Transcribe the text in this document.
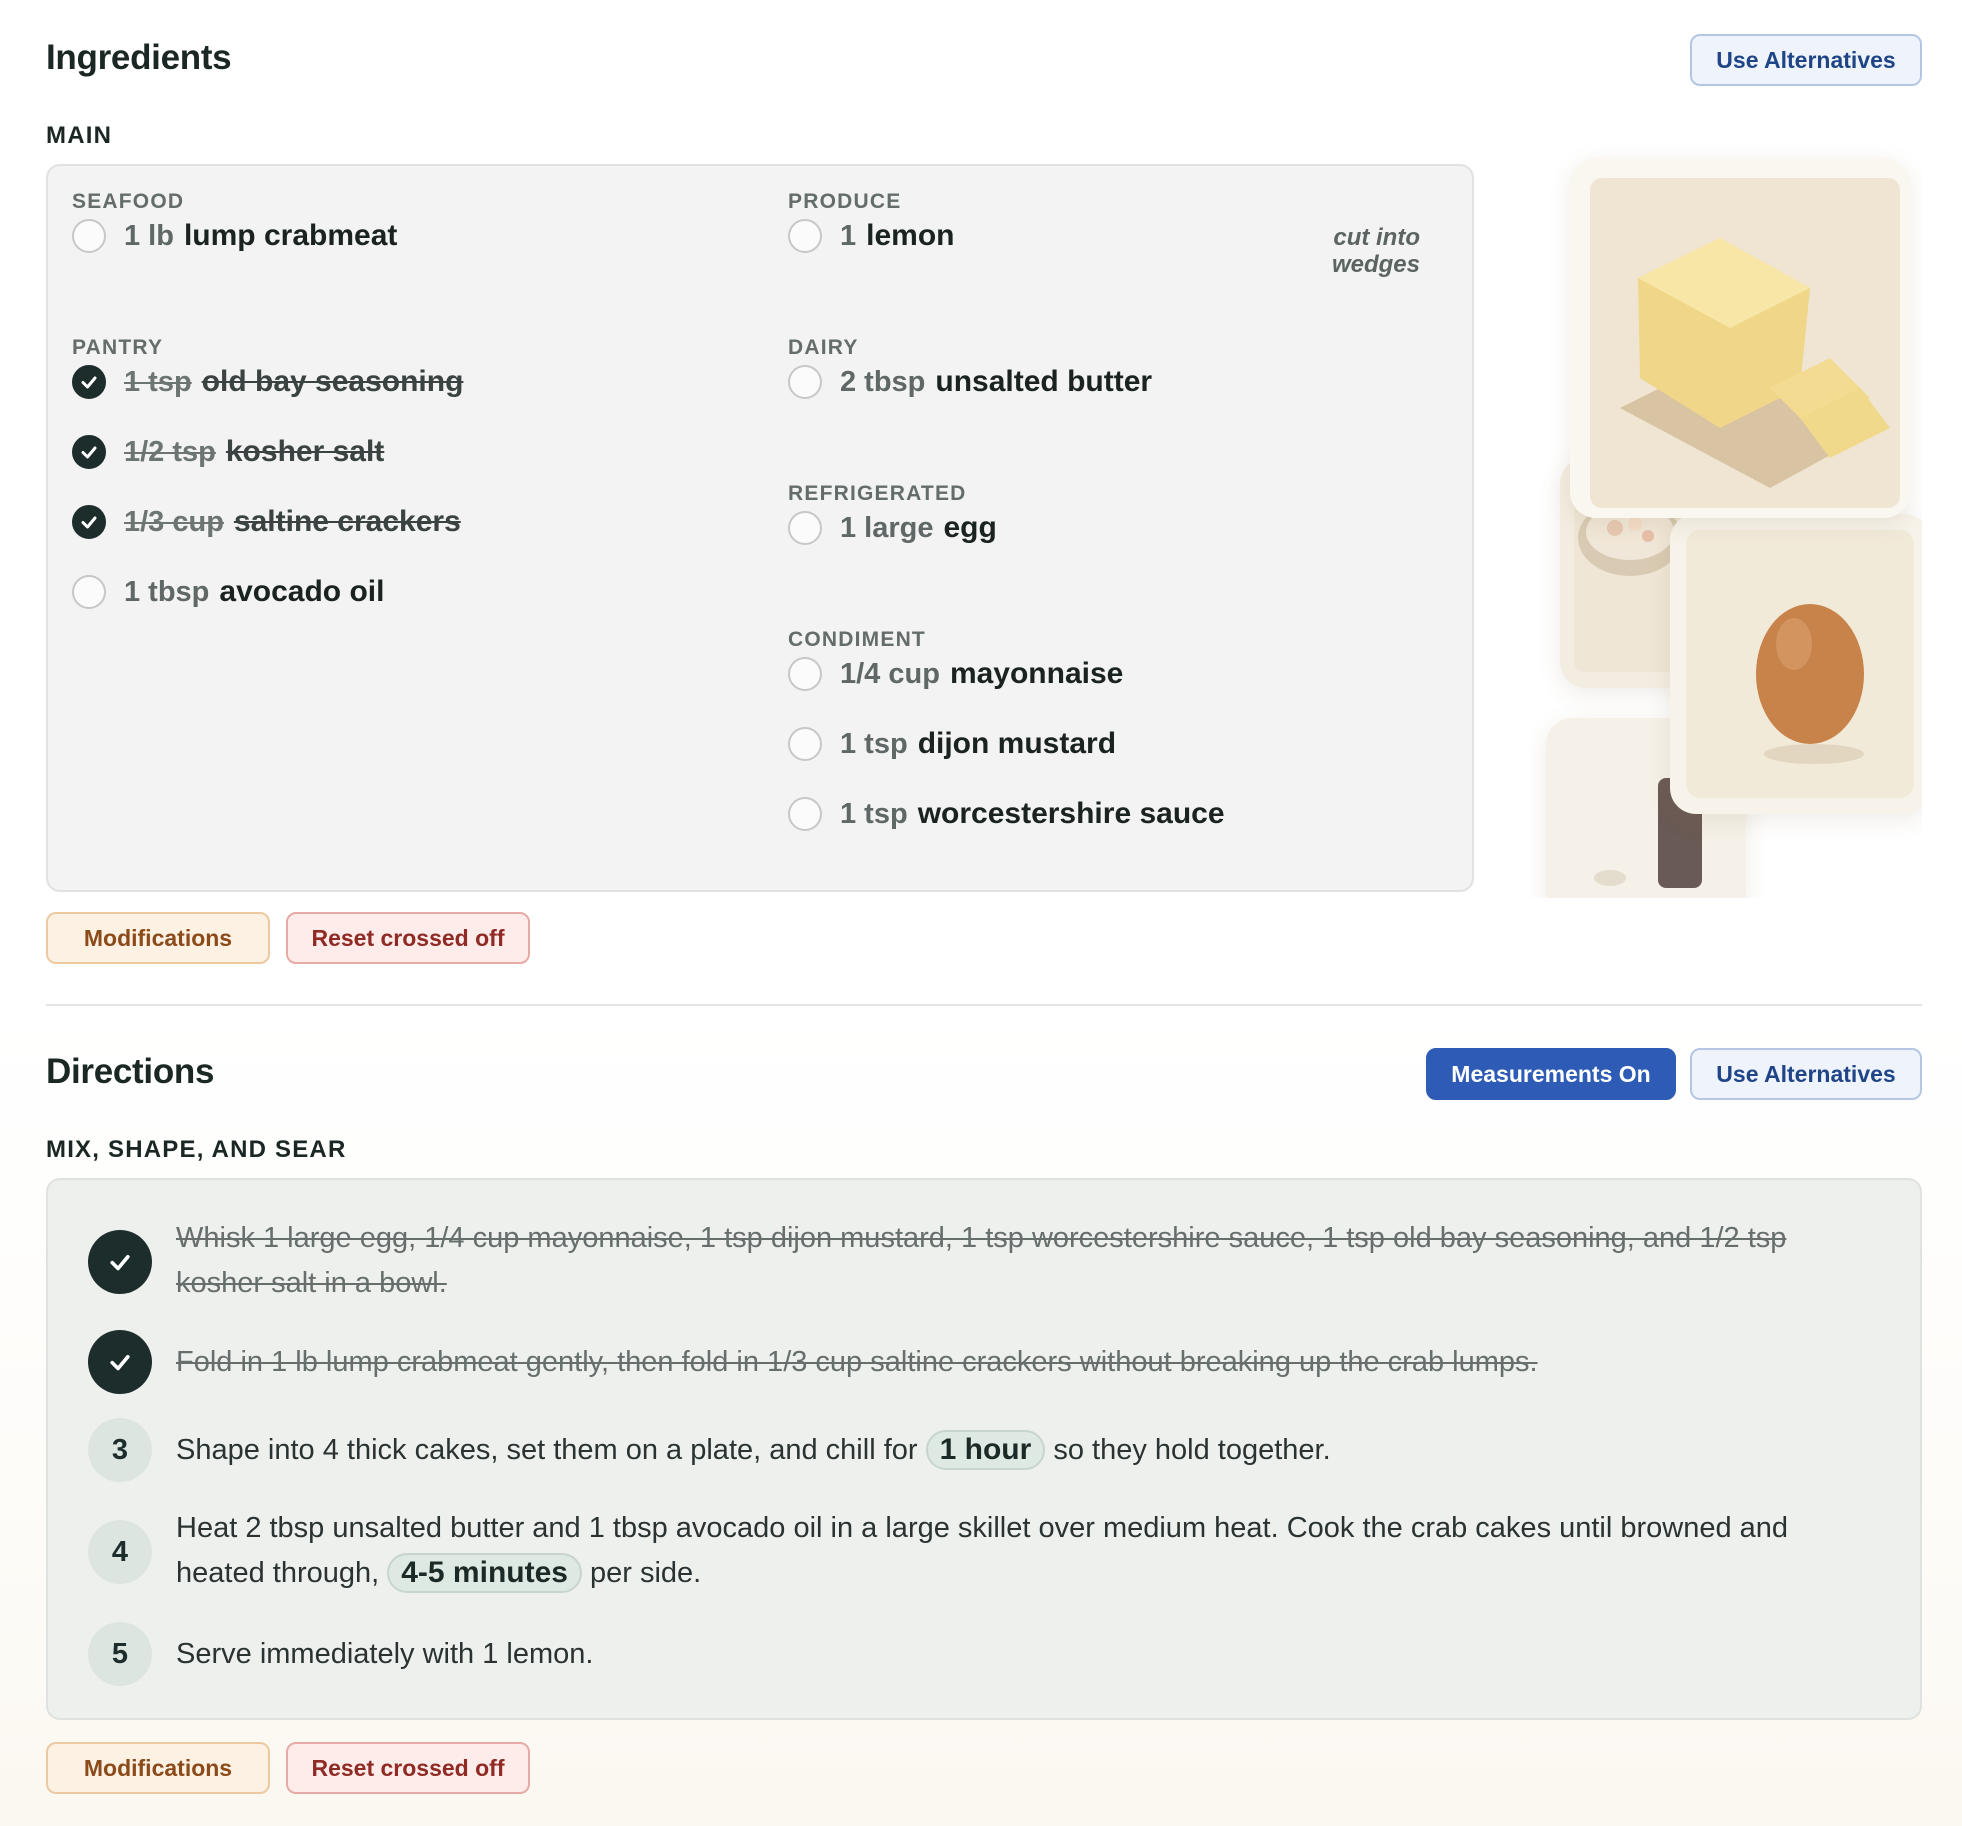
Ingredients	Use Alternatives
MAIN
SEAFOOD
1 lb lump crabmeat
PANTRY
1 tsp old bay seasoning
1/2 tsp kosher salt
1/3 cup saltine crackers
1 tbsp avocado oil
PRODUCE
1 lemon	cut into wedges
DAIRY
2 tbsp unsalted butter
REFRIGERATED
1 large egg
CONDIMENT
1/4 cup mayonnaise
1 tsp dijon mustard
1 tsp worcestershire sauce
Modifications	Reset crossed off
Directions	Measurements On	Use Alternatives
MIX, SHAPE, AND SEAR
Whisk 1 large egg, 1/4 cup mayonnaise, 1 tsp dijon mustard, 1 tsp worcestershire sauce, 1 tsp old bay seasoning, and 1/2 tsp kosher salt in a bowl.
Fold in 1 lb lump crabmeat gently, then fold in 1/3 cup saltine crackers without breaking up the crab lumps.
3	Shape into 4 thick cakes, set them on a plate, and chill for 1 hour so they hold together.
4
Heat 2 tbsp unsalted butter and 1 tbsp avocado oil in a large skillet over medium heat. Cook the crab cakes until browned and heated through, 4-5 minutes per side.
5	Serve immediately with 1 lemon.
Modifications	Reset crossed off
